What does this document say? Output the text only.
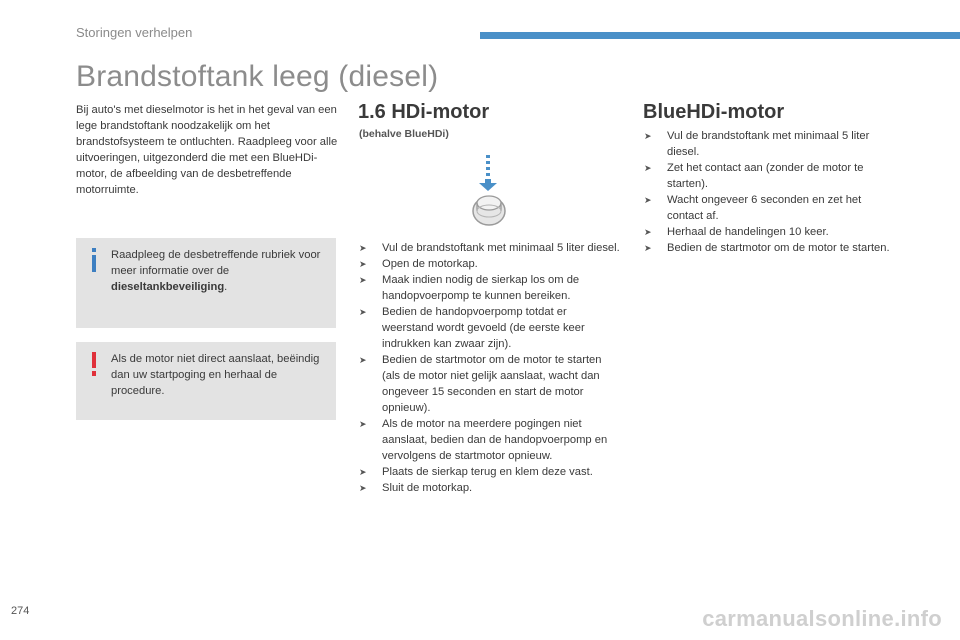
Storingen verhelpen
Brandstoftank leeg (diesel)

Bij auto's met dieselmotor is het in het geval van een lege brandstoftank noodzakelijk om het brandstofsysteem te ontluchten. Raadpleeg voor alle uitvoeringen, uitgezonderd die met een BlueHDi-motor, de afbeelding van de desbetreffende motorruimte.

Raadpleeg de desbetreffende rubriek voor meer informatie over de dieseltankbeveiliging.

Als de motor niet direct aanslaat, beëindig dan uw startpoging en herhaal de procedure.

1.6 HDi-motor
(behalve BlueHDi)
➤ Vul de brandstoftank met minimaal 5 liter diesel.
➤ Open de motorkap.
➤ Maak indien nodig de sierkap los om de handopvoerpomp te kunnen bereiken.
➤ Bedien de handopvoerpomp totdat er weerstand wordt gevoeld (de eerste keer indrukken kan zwaar zijn).
➤ Bedien de startmotor om de motor te starten (als de motor niet gelijk aanslaat, wacht dan ongeveer 15 seconden en start de motor opnieuw).
➤ Als de motor na meerdere pogingen niet aanslaat, bedien dan de handopvoerpomp en vervolgens de startmotor opnieuw.
➤ Plaats de sierkap terug en klem deze vast.
➤ Sluit de motorkap.
BlueHDi-motor
➤ Vul de brandstoftank met minimaal 5 liter diesel.
➤ Zet het contact aan (zonder de motor te starten).
➤ Wacht ongeveer 6 seconden en zet het contact af.
➤ Herhaal de handelingen 10 keer.
➤ Bedien de startmotor om de motor te starten.
274	carmanualsonline.info
